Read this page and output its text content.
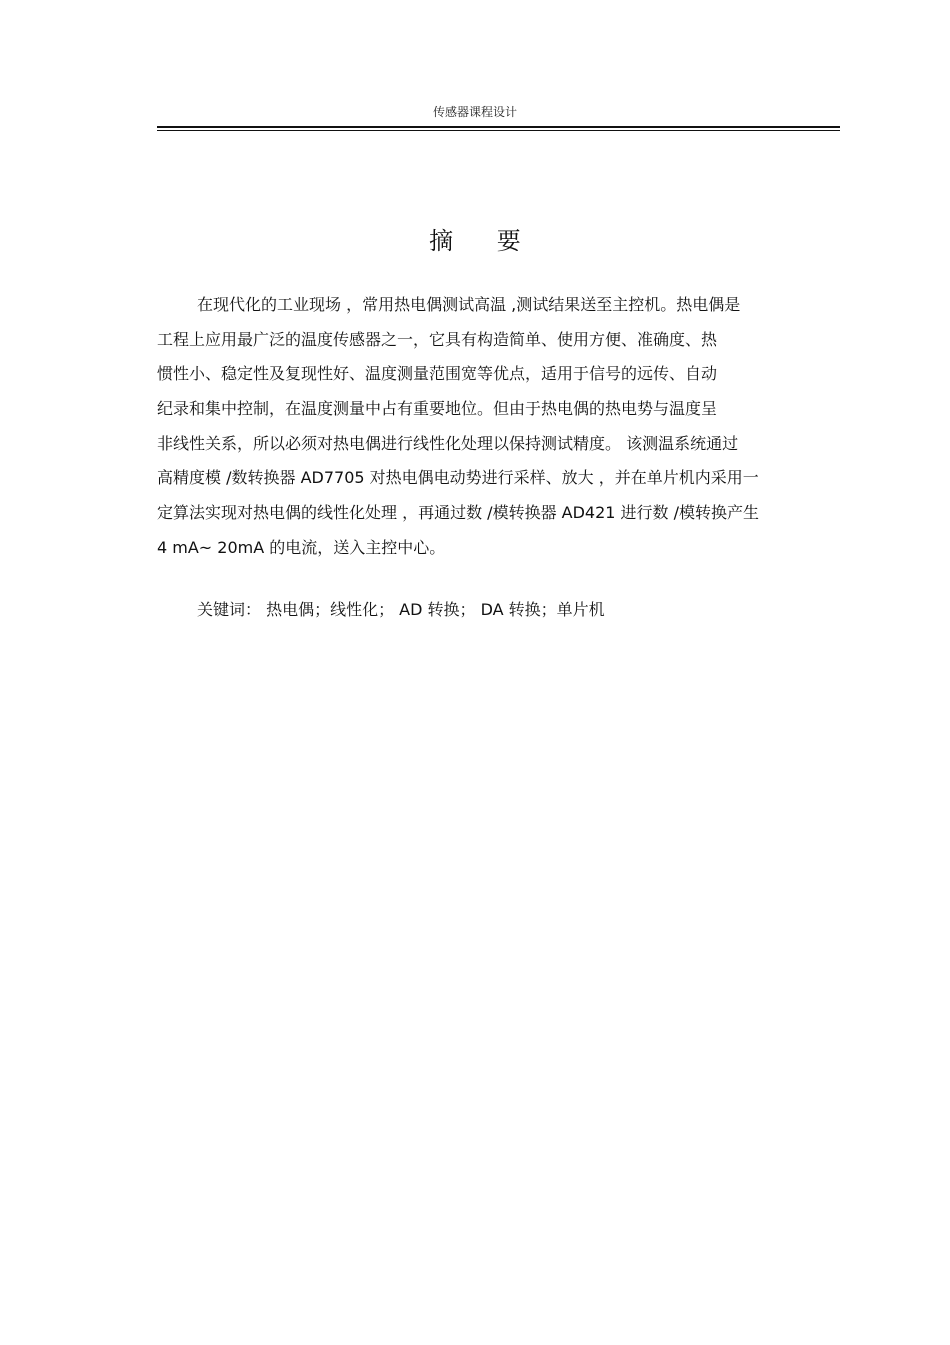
传感器课程设计
摘 要
在现代化的工业现场 ，常用热电偶测试高温 ,测试结果送至主控机。热电偶是
工程上应用最广泛的温度传感器之一，它具有构造简单、使用方便、准确度、热
惯性小、稳定性及复现性好、温度测量范围宽等优点，适用于信号的远传、自动
纪录和集中控制，在温度测量中占有重要地位。但由于热电偶的热电势与温度呈
非线性关系，所以必须对热电偶进行线性化处理以保持测试精度。 该测温系统通过
高精度模 /数转换器 AD7705 对热电偶电动势进行采样、放大 ，并在单片机内采用一
定算法实现对热电偶的线性化处理 ，再通过数 /模转换器 AD421 进行数 /模转换产生
4 mA~ 20mA 的电流，送入主控中心。
关键词： 热电偶；线性化； AD 转换； DA 转换；单片机
